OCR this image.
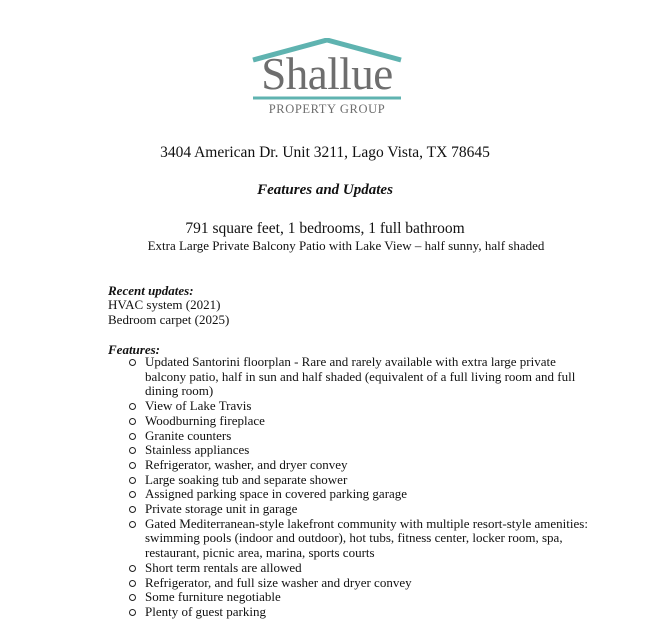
Shallue
PROPERTY GROUP
3404 American Dr. Unit 3211, Lago Vista, TX 78645
Features and Updates
791 square feet, 1 bedrooms, 1 full bathroom
Extra Large Private Balcony Patio with Lake View – half sunny, half shaded
Recent updates:
HVAC system (2021)
Bedroom carpet (2025)
Features:
Updated Santorini floorplan - Rare and rarely available with extra large private balcony patio, half in sun and half shaded (equivalent of a full living room and full dining room)
View of Lake Travis
Woodburning fireplace
Granite counters
Stainless appliances
Refrigerator, washer, and dryer convey
Large soaking tub and separate shower
Assigned parking space in covered parking garage
Private storage unit in garage
Gated Mediterranean-style lakefront community with multiple resort-style amenities: swimming pools (indoor and outdoor), hot tubs, fitness center, locker room, spa, restaurant, picnic area, marina, sports courts
Short term rentals are allowed
Refrigerator, and full size washer and dryer convey
Some furniture negotiable
Plenty of guest parking
